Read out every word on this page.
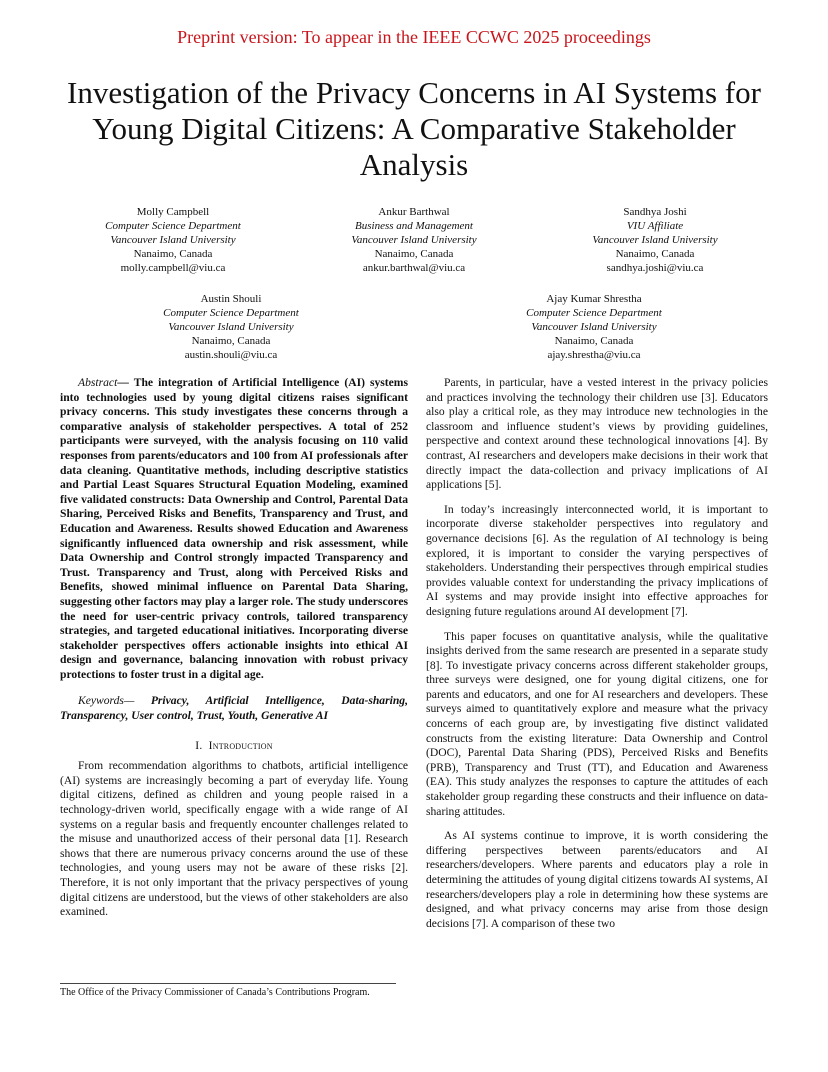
Preprint version: To appear in the IEEE CCWC 2025 proceedings
Investigation of the Privacy Concerns in AI Systems for Young Digital Citizens: A Comparative Stakeholder Analysis
Molly Campbell
Computer Science Department
Vancouver Island University
Nanaimo, Canada
molly.campbell@viu.ca
Ankur Barthwal
Business and Management
Vancouver Island University
Nanaimo, Canada
ankur.barthwal@viu.ca
Sandhya Joshi
VIU Affiliate
Vancouver Island University
Nanaimo, Canada
sandhya.joshi@viu.ca
Austin Shouli
Computer Science Department
Vancouver Island University
Nanaimo, Canada
austin.shouli@viu.ca
Ajay Kumar Shrestha
Computer Science Department
Vancouver Island University
Nanaimo, Canada
ajay.shrestha@viu.ca

Abstract— The integration of Artificial Intelligence (AI) systems into technologies used by young digital citizens raises significant privacy concerns. This study investigates these concerns through a comparative analysis of stakeholder perspectives. A total of 252 participants were surveyed, with the analysis focusing on 110 valid responses from parents/educators and 100 from AI professionals after data cleaning. Quantitative methods, including descriptive statistics and Partial Least Squares Structural Equation Modeling, examined five validated constructs: Data Ownership and Control, Parental Data Sharing, Perceived Risks and Benefits, Transparency and Trust, and Education and Awareness. Results showed Education and Awareness significantly influenced data ownership and risk assessment, while Data Ownership and Control strongly impacted Transparency and Trust. Transparency and Trust, along with Perceived Risks and Benefits, showed minimal influence on Parental Data Sharing, suggesting other factors may play a larger role. The study underscores the need for user-centric privacy controls, tailored transparency strategies, and targeted educational initiatives. Incorporating diverse stakeholder perspectives offers actionable insights into ethical AI design and governance, balancing innovation with robust privacy protections to foster trust in a digital age.

Keywords— Privacy, Artificial Intelligence, Data-sharing, Transparency, User control, Trust, Youth, Generative AI

I. Introduction

From recommendation algorithms to chatbots, artificial intelligence (AI) systems are increasingly becoming a part of everyday life. Young digital citizens, defined as children and young people raised in a technology-driven world, specifically engage with a wide range of AI systems on a regular basis and frequently encounter challenges related to the misuse and unauthorized access of their personal data [1]. Research shows that there are numerous privacy concerns around the use of these technologies, and young users may not be aware of these risks [2]. Therefore, it is not only important that the privacy perspectives of young digital citizens are understood, but the views of other stakeholders are also examined.

Parents, in particular, have a vested interest in the privacy policies and practices involving the technology their children use [3]. Educators also play a critical role, as they may introduce new technologies in the classroom and influence student’s views by providing guidelines, perspective and context around these technological innovations [4]. By contrast, AI researchers and developers make decisions in their work that directly impact the data-collection and privacy implications of AI applications [5].

In today’s increasingly interconnected world, it is important to incorporate diverse stakeholder perspectives into regulatory and governance decisions [6]. As the regulation of AI technology is being explored, it is important to consider the varying perspectives of stakeholders. Understanding their perspectives through empirical studies provides valuable context for understanding the privacy implications of AI systems and may provide insight into effective approaches for designing future regulations around AI development [7].

This paper focuses on quantitative analysis, while the qualitative insights derived from the same research are presented in a separate study [8]. To investigate privacy concerns across different stakeholder groups, three surveys were designed, one for young digital citizens, one for parents and educators, and one for AI researchers and developers. These surveys aimed to quantitatively explore and measure what the privacy concerns of each group are, by investigating five distinct validated constructs from the existing literature: Data Ownership and Control (DOC), Parental Data Sharing (PDS), Perceived Risks and Benefits (PRB), Transparency and Trust (TT), and Education and Awareness (EA). This study analyzes the responses to capture the attitudes of each stakeholder group regarding these constructs and their influence on data-sharing attitudes.

As AI systems continue to improve, it is worth considering the differing perspectives between parents/educators and AI researchers/developers. Where parents and educators play a role in determining the attitudes of young digital citizens towards AI systems, AI researchers/developers play a role in determining how these systems are designed, and what privacy concerns may arise from those design decisions [7]. A comparison of these two

The Office of the Privacy Commissioner of Canada’s Contributions Program.
